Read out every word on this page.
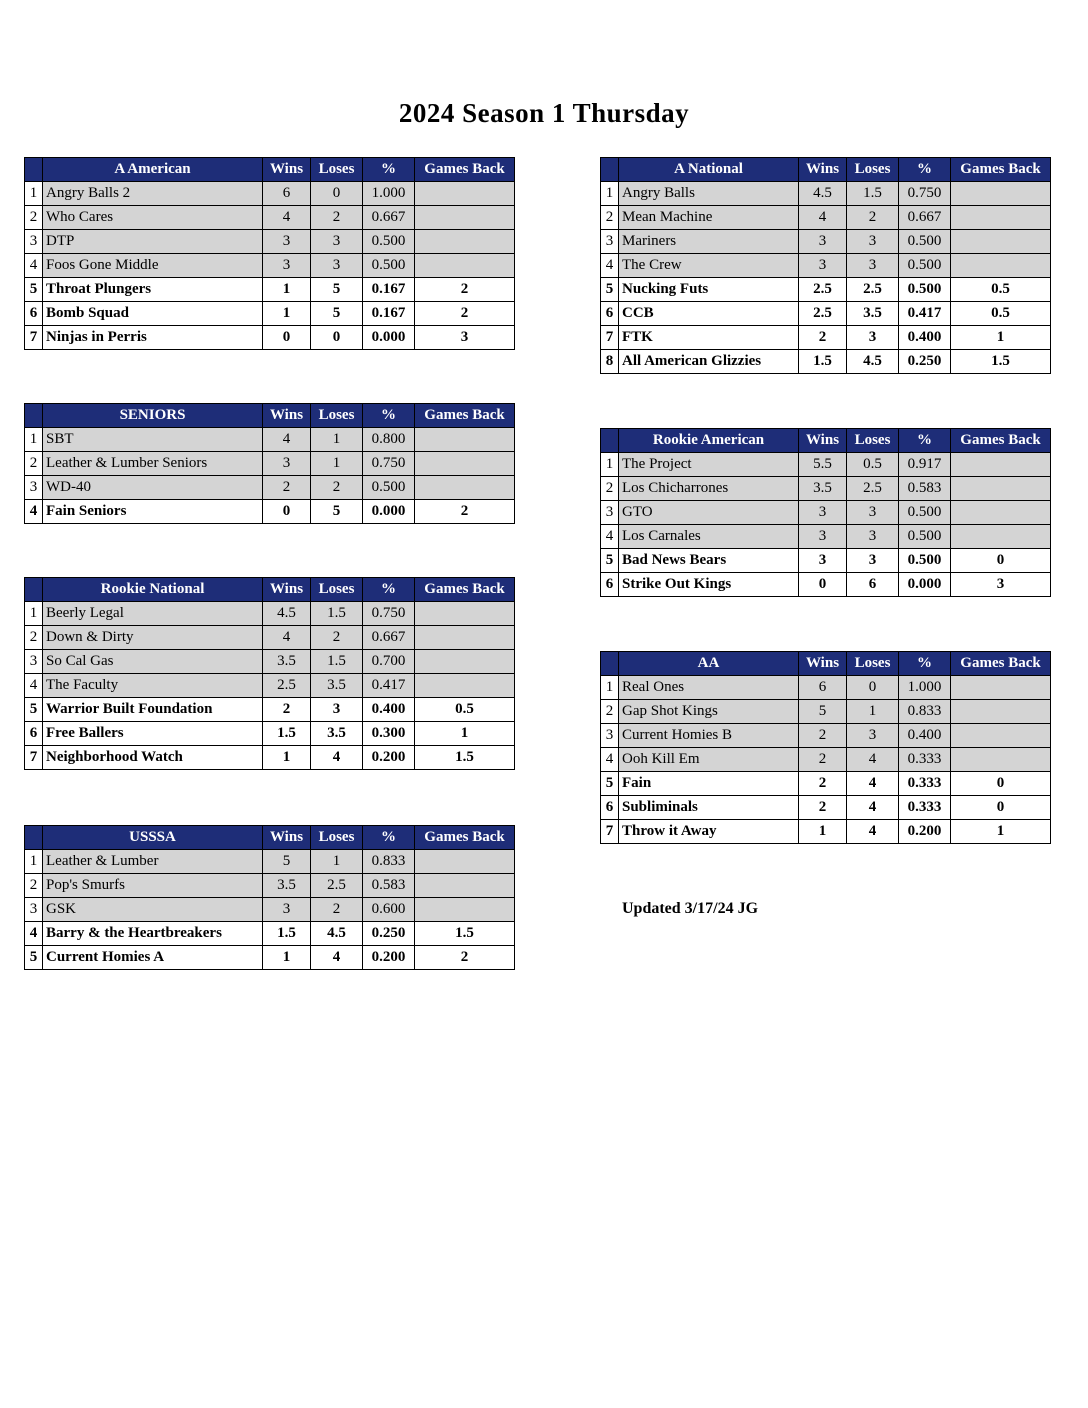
2024 Season 1 Thursday
	A American	Wins	Loses	%	Games Back
1	Angry Balls 2	6	0	1.000	
2	Who Cares	4	2	0.667	
3	DTP	3	3	0.500	
4	Foos Gone Middle	3	3	0.500	
5	Throat Plungers	1	5	0.167	2
6	Bomb Squad	1	5	0.167	2
7	Ninjas in Perris	0	0	0.000	3
	SENIORS	Wins	Loses	%	Games Back
1	SBT	4	1	0.800	
2	Leather & Lumber Seniors	3	1	0.750	
3	WD-40	2	2	0.500	
4	Fain Seniors	0	5	0.000	2
	Rookie National	Wins	Loses	%	Games Back
1	Beerly Legal	4.5	1.5	0.750	
2	Down & Dirty	4	2	0.667	
3	So Cal Gas	3.5	1.5	0.700	
4	The Faculty	2.5	3.5	0.417	
5	Warrior Built Foundation	2	3	0.400	0.5
6	Free Ballers	1.5	3.5	0.300	1
7	Neighborhood Watch	1	4	0.200	1.5
	USSSA	Wins	Loses	%	Games Back
1	Leather & Lumber	5	1	0.833	
2	Pop's Smurfs	3.5	2.5	0.583	
3	GSK	3	2	0.600	
4	Barry & the Heartbreakers	1.5	4.5	0.250	1.5
5	Current Homies A	1	4	0.200	2
	A National	Wins	Loses	%	Games Back
1	Angry Balls	4.5	1.5	0.750	
2	Mean Machine	4	2	0.667	
3	Mariners	3	3	0.500	
4	The Crew	3	3	0.500	
5	Nucking Futs	2.5	2.5	0.500	0.5
6	CCB	2.5	3.5	0.417	0.5
7	FTK	2	3	0.400	1
8	All American Glizzies	1.5	4.5	0.250	1.5
	Rookie American	Wins	Loses	%	Games Back
1	The Project	5.5	0.5	0.917	
2	Los Chicharrones	3.5	2.5	0.583	
3	GTO	3	3	0.500	
4	Los Carnales	3	3	0.500	
5	Bad News Bears	3	3	0.500	0
6	Strike Out Kings	0	6	0.000	3
	AA	Wins	Loses	%	Games Back
1	Real Ones	6	0	1.000	
2	Gap Shot Kings	5	1	0.833	
3	Current Homies B	2	3	0.400	
4	Ooh Kill Em	2	4	0.333	
5	Fain	2	4	0.333	0
6	Subliminals	2	4	0.333	0
7	Throw it Away	1	4	0.200	1
Updated 3/17/24 JG
